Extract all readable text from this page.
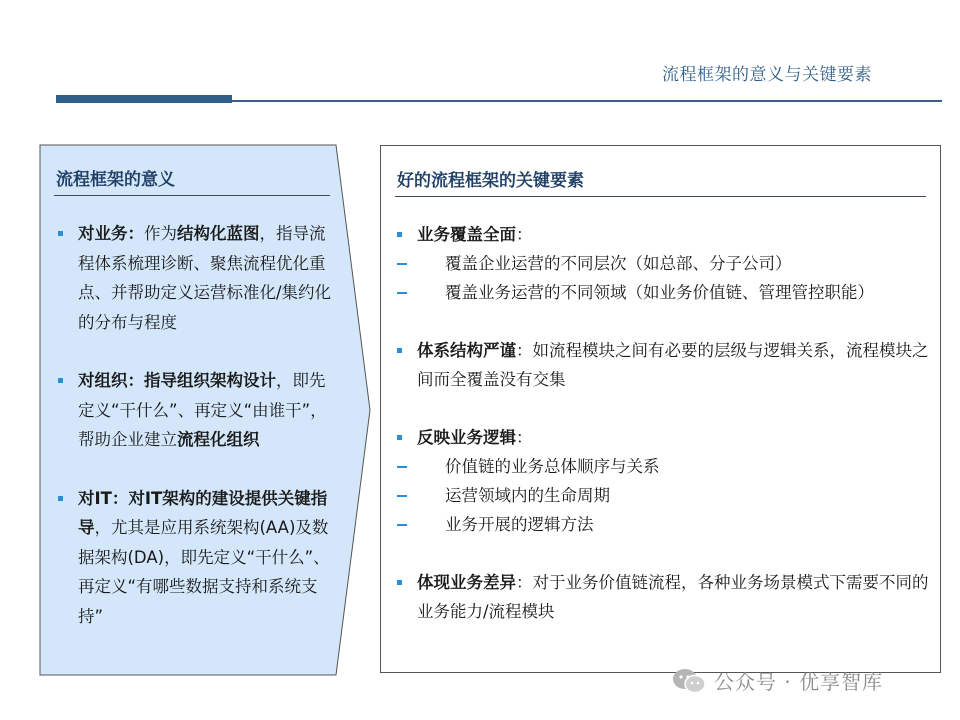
流程框架的意义与关键要素
流程框架的意义
对业务：作为结构化蓝图，指导流程体系梳理诊断、聚焦流程优化重点、并帮助定义运营标准化/集约化的分布与程度
对组织：指导组织架构设计，即先定义“干什么”、再定义“由谁干”，帮助企业建立流程化组织
对IT：对IT架构的建设提供关键指导，尤其是应用系统架构(AA)及数据架构(DA)，即先定义“干什么”、再定义“有哪些数据支持和系统支持”
好的流程框架的关键要素
业务覆盖全面：
覆盖企业运营的不同层次（如总部、分子公司）
覆盖业务运营的不同领域（如业务价值链、管理管控职能）
体系结构严谨：如流程模块之间有必要的层级与逻辑关系，流程模块之间而全覆盖没有交集
反映业务逻辑：
价值链的业务总体顺序与关系
运营领域内的生命周期
业务开展的逻辑方法
体现业务差异：对于业务价值链流程，各种业务场景模式下需要不同的业务能力/流程模块
公众号 · 优享智库
